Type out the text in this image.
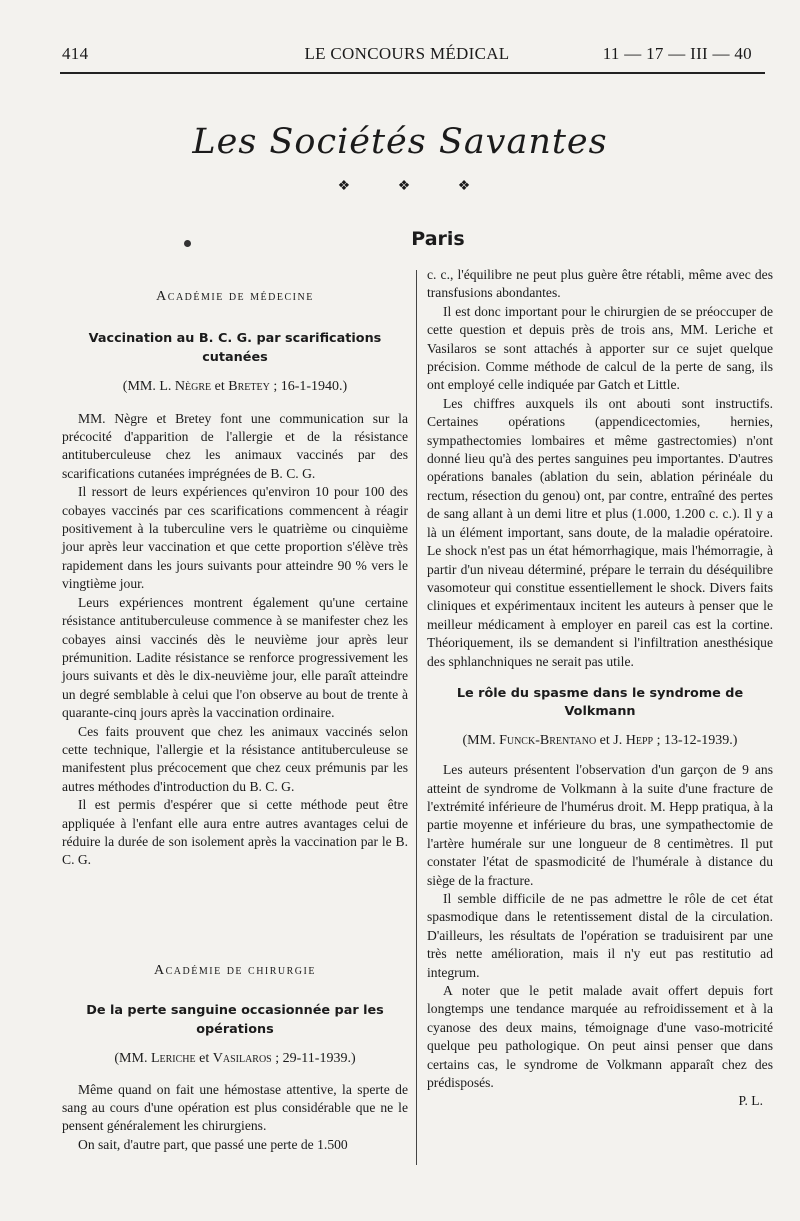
414	LE CONCOURS MÉDICAL	11 — 17 — III — 40
Les Sociétés Savantes
❖ ❖ ❖
Paris

Académie de médecine

Vaccination au B. C. G. par scarifications cutanées

(MM. L. Nègre et Bretey ; 16-1-1940.)

MM. Nègre et Bretey font une communication sur la précocité d'apparition de l'allergie et de la résistance antituberculeuse chez les animaux vaccinés par des scarifications cutanées imprégnées de B. C. G.

Il ressort de leurs expériences qu'environ 10 pour 100 des cobayes vaccinés par ces scarifications commencent à réagir positivement à la tuberculine vers le quatrième ou cinquième jour après leur vaccination et que cette proportion s'élève très rapidement dans les jours suivants pour atteindre 90 % vers le vingtième jour.

Leurs expériences montrent également qu'une certaine résistance antituberculeuse commence à se manifester chez les cobayes ainsi vaccinés dès le neuvième jour après leur prémunition. Ladite résistance se renforce progressivement les jours suivants et dès le dix-neuvième jour, elle paraît atteindre un degré semblable à celui que l'on observe au bout de trente à quarante-cinq jours après la vaccination ordinaire.

Ces faits prouvent que chez les animaux vaccinés selon cette technique, l'allergie et la résistance antituberculeuse se manifestent plus précocement que chez ceux prémunis par les autres méthodes d'introduction du B. C. G.

Il est permis d'espérer que si cette méthode peut être appliquée à l'enfant elle aura entre autres avantages celui de réduire la durée de son isolement après la vaccination par le B. C. G.

Académie de chirurgie

De la perte sanguine occasionnée par les opérations

(MM. Leriche et Vasilaros ; 29-11-1939.)

Même quand on fait une hémostase attentive, la sperte de sang au cours d'une opération est plus considérable que ne le pensent généralement les chirurgiens.

On sait, d'autre part, que passé une perte de 1.500

c. c., l'équilibre ne peut plus guère être rétabli, même avec des transfusions abondantes.

Il est donc important pour le chirurgien de se préoccuper de cette question et depuis près de trois ans, MM. Leriche et Vasilaros se sont attachés à apporter sur ce sujet quelque précision. Comme méthode de calcul de la perte de sang, ils ont employé celle indiquée par Gatch et Little.

Les chiffres auxquels ils ont abouti sont instructifs. Certaines opérations (appendicectomies, hernies, sympathectomies lombaires et même gastrectomies) n'ont donné lieu qu'à des pertes sanguines peu importantes. D'autres opérations banales (ablation du sein, ablation périnéale du rectum, résection du genou) ont, par contre, entraîné des pertes de sang allant à un demi litre et plus (1.000, 1.200 c. c.). Il y a là un élément important, sans doute, de la maladie opératoire. Le shock n'est pas un état hémorrhagique, mais l'hémorragie, à partir d'un niveau déterminé, prépare le terrain du déséquilibre vasomoteur qui constitue essentiellement le shock. Divers faits cliniques et expérimentaux incitent les auteurs à penser que le meilleur médicament à employer en pareil cas est la cortine. Théoriquement, ils se demandent si l'infiltration anesthésique des sphlanchniques ne serait pas utile.

Le rôle du spasme dans le syndrome de Volkmann

(MM. Funck-Brentano et J. Hepp ; 13-12-1939.)

Les auteurs présentent l'observation d'un garçon de 9 ans atteint de syndrome de Volkmann à la suite d'une fracture de l'extrémité inférieure de l'humérus droit. M. Hepp pratiqua, à la partie moyenne et inférieure du bras, une sympathectomie de l'artère humérale sur une longueur de 8 centimètres. Il put constater l'état de spasmodicité de l'humérale à distance du siège de la fracture.

Il semble difficile de ne pas admettre le rôle de cet état spasmodique dans le retentissement distal de la circulation. D'ailleurs, les résultats de l'opération se traduisirent par une très nette amélioration, mais il n'y eut pas restitutio ad integrum.

A noter que le petit malade avait offert depuis fort longtemps une tendance marquée au refroidissement et à la cyanose des deux mains, témoignage d'une vaso-motricité quelque peu pathologique. On peut ainsi penser que dans certains cas, le syndrome de Volkmann apparaît chez des prédisposés.

P. L.
